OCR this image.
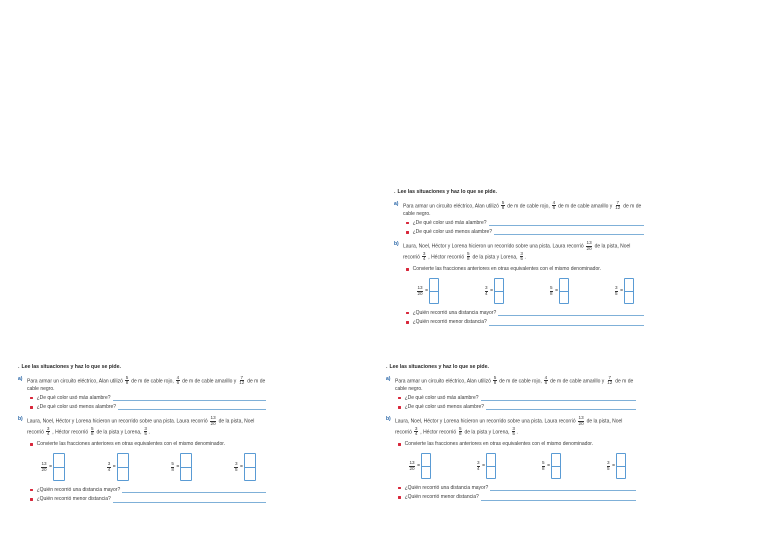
. Lee las situaciones y haz lo que se pide.
a) Para armar un circuito eléctrico, Alan utilizó $\frac{5}{8}$ de m de cable rojo, $\frac{4}{6}$ de m de cable amarillo y $\frac{7}{12}$ de m de cable negro.
¿De qué color usó más alambre?
¿De qué color usó menos alambre?
b) Laura, Noel, Héctor y Lorena hicieron un recorrido sobre una pista. Laura recorrió $\frac{13}{20}$ de la pista, Noel recorrió $\frac{3}{4}$ , Héctor recorrió $\frac{5}{8}$ de la pista y Lorena, $\frac{3}{5}$ .
Convierte las fracciones anteriores en otras equivalentes con el mismo denominador.
$\frac{13}{20}$ =	$\frac{3}{4}$ =	$\frac{5}{8}$ =	$\frac{3}{5}$ =
¿Quién recorrió una distancia mayor?
¿Quién recorrió menor distancia?
. Lee las situaciones y haz lo que se pide.
a) Para armar un circuito eléctrico, Alan utilizó $\frac{5}{8}$ de m de cable rojo, $\frac{4}{6}$ de m de cable amarillo y $\frac{7}{12}$ de m de cable negro.
¿De qué color usó más alambre?
¿De qué color usó menos alambre?
b) Laura, Noel, Héctor y Lorena hicieron un recorrido sobre una pista. Laura recorrió $\frac{13}{20}$ de la pista, Noel recorrió $\frac{3}{4}$ , Héctor recorrió $\frac{5}{8}$ de la pista y Lorena, $\frac{3}{5}$ .
Convierte las fracciones anteriores en otras equivalentes con el mismo denominador.
$\frac{13}{20}$ =	$\frac{3}{4}$ =	$\frac{5}{8}$ =	$\frac{3}{5}$ =
¿Quién recorrió una distancia mayor?
¿Quién recorrió menor distancia?
. Lee las situaciones y haz lo que se pide.
a) Para armar un circuito eléctrico, Alan utilizó $\frac{5}{8}$ de m de cable rojo, $\frac{4}{6}$ de m de cable amarillo y $\frac{7}{12}$ de m de cable negro.
¿De qué color usó más alambre?
¿De qué color usó menos alambre?
b) Laura, Noel, Héctor y Lorena hicieron un recorrido sobre una pista. Laura recorrió $\frac{13}{20}$ de la pista, Noel recorrió $\frac{3}{4}$ , Héctor recorrió $\frac{5}{8}$ de la pista y Lorena, $\frac{3}{5}$ .
Convierte las fracciones anteriores en otras equivalentes con el mismo denominador.
$\frac{13}{20}$ =	$\frac{3}{4}$ =	$\frac{5}{8}$ =	$\frac{3}{5}$ =
¿Quién recorrió una distancia mayor?
¿Quién recorrió menor distancia?
